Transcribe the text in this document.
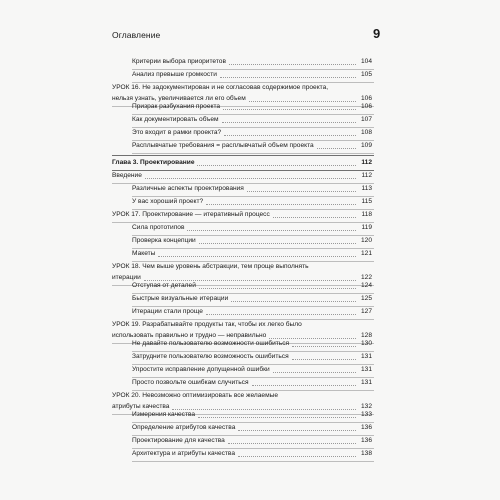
Оглавление	9
Критерии выбора приоритетов	104
Анализ превыше громкости	105
УРОК 16. Не задокументирован и не согласовав содержимое проекта,
нельзя узнать, увеличивается ли его объем	106
Призрак разбухания проекта	106
Как документировать объем	107
Это входит в рамки проекта?	108
Расплывчатые требования = расплывчатый объем проекта	109
Глава 3. Проектирование	112
Введение	112
Различные аспекты проектирования	113
У вас хороший проект?	115
УРОК 17. Проектирование — итеративный процесс	118
Сила прототипов	119
Проверка концепции	120
Макеты	121
УРОК 18. Чем выше уровень абстракции, тем проще выполнять
итерации	122
Отступая от деталей	124
Быстрые визуальные итерации	125
Итерации стали проще	127
УРОК 19. Разрабатывайте продукты так, чтобы их легко было
использовать правильно и трудно — неправильно	128
Не давайте пользователю возможности ошибиться	130
Затрудните пользователю возможность ошибиться	131
Упростите исправление допущенной ошибки	131
Просто позвольте ошибкам случиться	131
УРОК 20. Невозможно оптимизировать все желаемые
атрибуты качества	132
Измерения качества	133
Определение атрибутов качества	136
Проектирование для качества	136
Архитектура и атрибуты качества	138
